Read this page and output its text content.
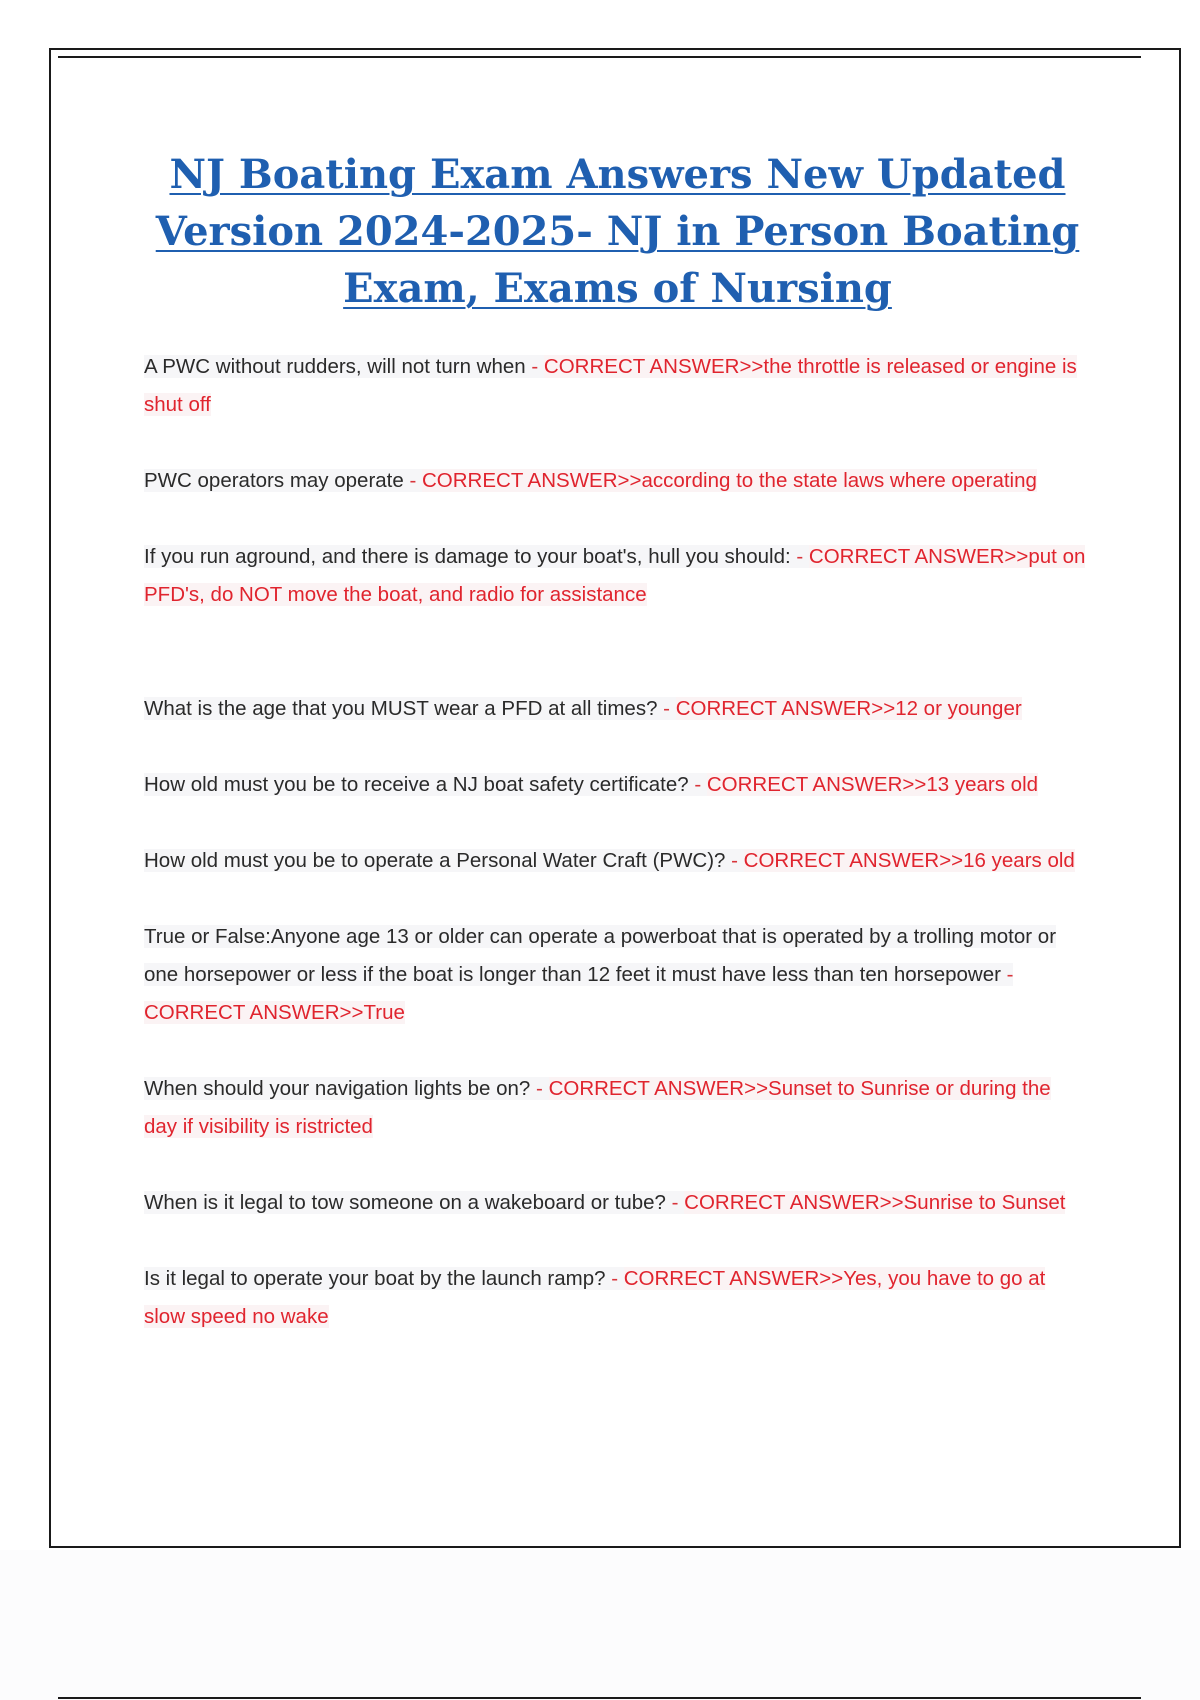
NJ Boating Exam Answers New Updated Version 2024-2025- NJ in Person Boating Exam, Exams of Nursing

A PWC without rudders, will not turn when - CORRECT ANSWER>>the throttle is released or engine is shut off

PWC operators may operate - CORRECT ANSWER>>according to the state laws where operating

If you run aground, and there is damage to your boat's, hull you should: - CORRECT ANSWER>>put on PFD's, do NOT move the boat, and radio for assistance

What is the age that you MUST wear a PFD at all times? - CORRECT ANSWER>>12 or younger

How old must you be to receive a NJ boat safety certificate? - CORRECT ANSWER>>13 years old

How old must you be to operate a Personal Water Craft (PWC)? - CORRECT ANSWER>>16 years old

True or False:Anyone age 13 or older can operate a powerboat that is operated by a trolling motor or one horsepower or less if the boat is longer than 12 feet it must have less than ten horsepower - CORRECT ANSWER>>True

When should your navigation lights be on? - CORRECT ANSWER>>Sunset to Sunrise or during the day if visibility is ristricted

When is it legal to tow someone on a wakeboard or tube? - CORRECT ANSWER>>Sunrise to Sunset

Is it legal to operate your boat by the launch ramp? - CORRECT ANSWER>>Yes, you have to go at slow speed no wake
